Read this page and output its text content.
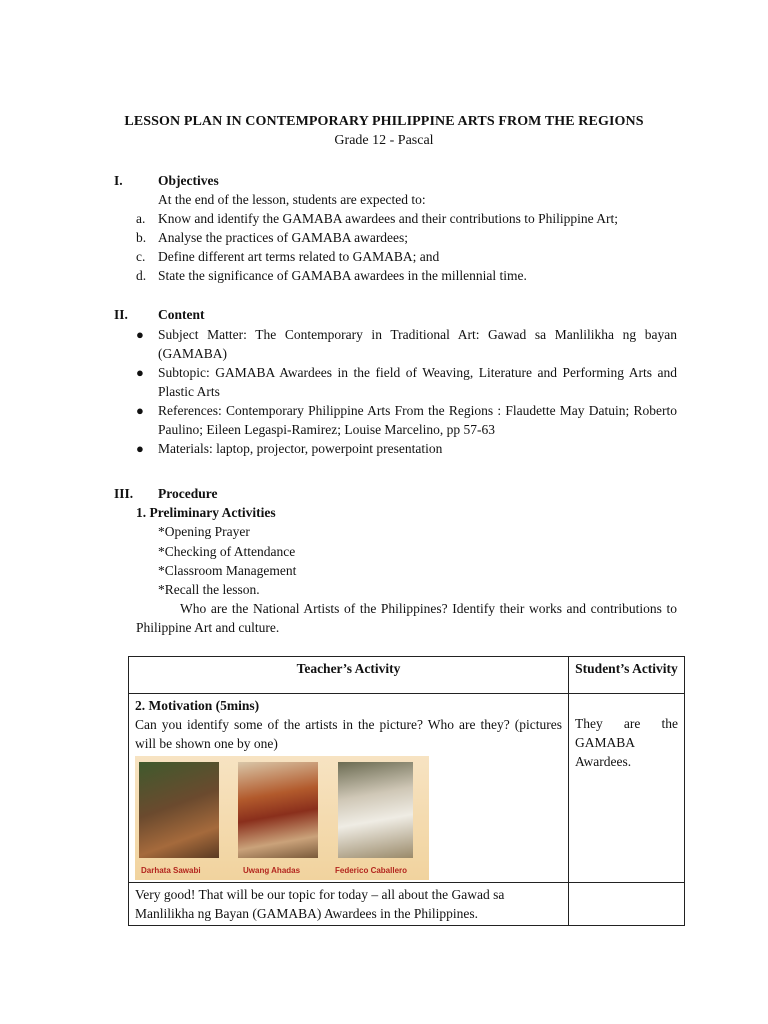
LESSON PLAN IN CONTEMPORARY PHILIPPINE ARTS FROM THE REGIONS
Grade 12 - Pascal
I.	Objectives
At the end of the lesson, students are expected to:
a. Know and identify the GAMABA awardees and their contributions to Philippine Art;
b. Analyse the practices of GAMABA awardees;
c. Define different art terms related to GAMABA; and
d. State the significance of GAMABA awardees in the millennial time.
II. Content
●	Subject Matter: The Contemporary in Traditional Art: Gawad sa Manlilikha ng bayan (GAMABA)
●	Subtopic: GAMABA Awardees in the field of Weaving, Literature and Performing Arts and Plastic Arts
●	References: Contemporary Philippine Arts From the Regions : Flaudette May Datuin; Roberto Paulino; Eileen Legaspi-Ramirez; Louise Marcelino, pp 57-63
●	Materials: laptop, projector, powerpoint presentation
III. Procedure
1. Preliminary Activities
*Opening Prayer
*Checking of Attendance
*Classroom Management
*Recall the lesson.
Who are the National Artists of the Philippines? Identify their works and contributions to Philippine Art and culture.
Teacher’s Activity	Student’s Activity

2. Motivation (5mins)
Can you identify some of the artists in the picture? Who are they? (pictures will be shown one by one)
Darhata Sawabi Uwang Ahadas Federico Caballero	They are the GAMABA Awardees.
Very good! That will be our topic for today – all about the Gawad sa Manlilikha ng Bayan (GAMABA) Awardees in the Philippines.	
